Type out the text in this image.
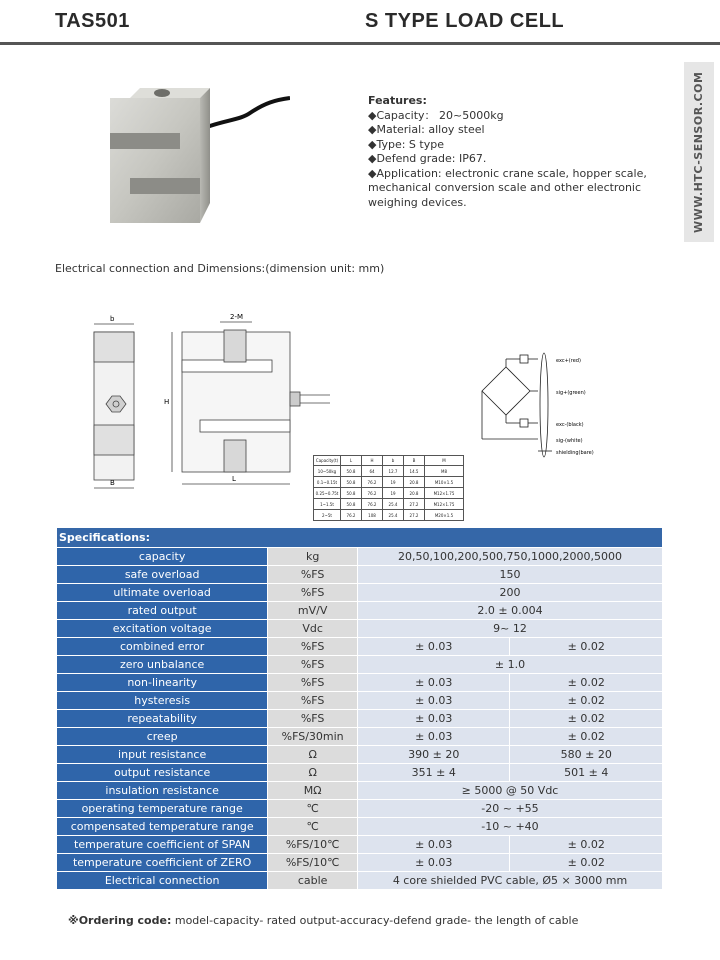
TAS501	S TYPE LOAD CELL
WWW.HTC-SENSOR.COM
Features:
◆Capacity： 20~5000kg
◆Material: alloy steel
◆Type: S type
◆Defend grade: IP67.
◆Application: electronic crane scale, hopper scale, mechanical conversion scale and other electronic weighing devices.
Electrical connection and Dimensions:(dimension unit: mm)
b
B
2-M
H
L
Capacity(t)	L	H	b	B	M
10~50kg	50.8	64	12.7	14.5	M8
0.1~0.15t	50.8	76.2	19	20.8	M10×1.5
0.25~0.75t	50.8	76.2	19	20.8	M12×1.75
1~1.5t	50.8	76.2	25.4	27.2	M12×1.75
2~5t	76.2	108	25.4	27.2	M20×1.5
exc+(red)
sig+(green)
exc-(black)
sig-(white)
shielding(bare)
Specifications:			
capacity	kg	20,50,100,200,500,750,1000,2000,5000	
safe overload	%FS	150	
ultimate overload	%FS	200	
rated output	mV/V	2.0 ± 0.004	
excitation voltage	Vdc	9~ 12	
combined error	%FS	± 0.03	± 0.02
zero unbalance	%FS	± 1.0	
non-linearity	%FS	± 0.03	± 0.02
hysteresis	%FS	± 0.03	± 0.02
repeatability	%FS	± 0.03	± 0.02
creep	%FS/30min	± 0.03	± 0.02
input resistance	Ω	390 ± 20	580 ± 20
output resistance	Ω	351 ± 4	501 ± 4
insulation resistance	MΩ	≥ 5000 @ 50 Vdc	
operating temperature range	℃	-20 ~ +55	
compensated temperature range	℃	-10 ~ +40	
temperature coefficient of SPAN	%FS/10℃	± 0.03	± 0.02
temperature coefficient of ZERO	%FS/10℃	± 0.03	± 0.02
Electrical connection	cable	4 core shielded PVC cable, Ø5 × 3000 mm	
※Ordering code: model-capacity- rated output-accuracy-defend grade- the length of cable
